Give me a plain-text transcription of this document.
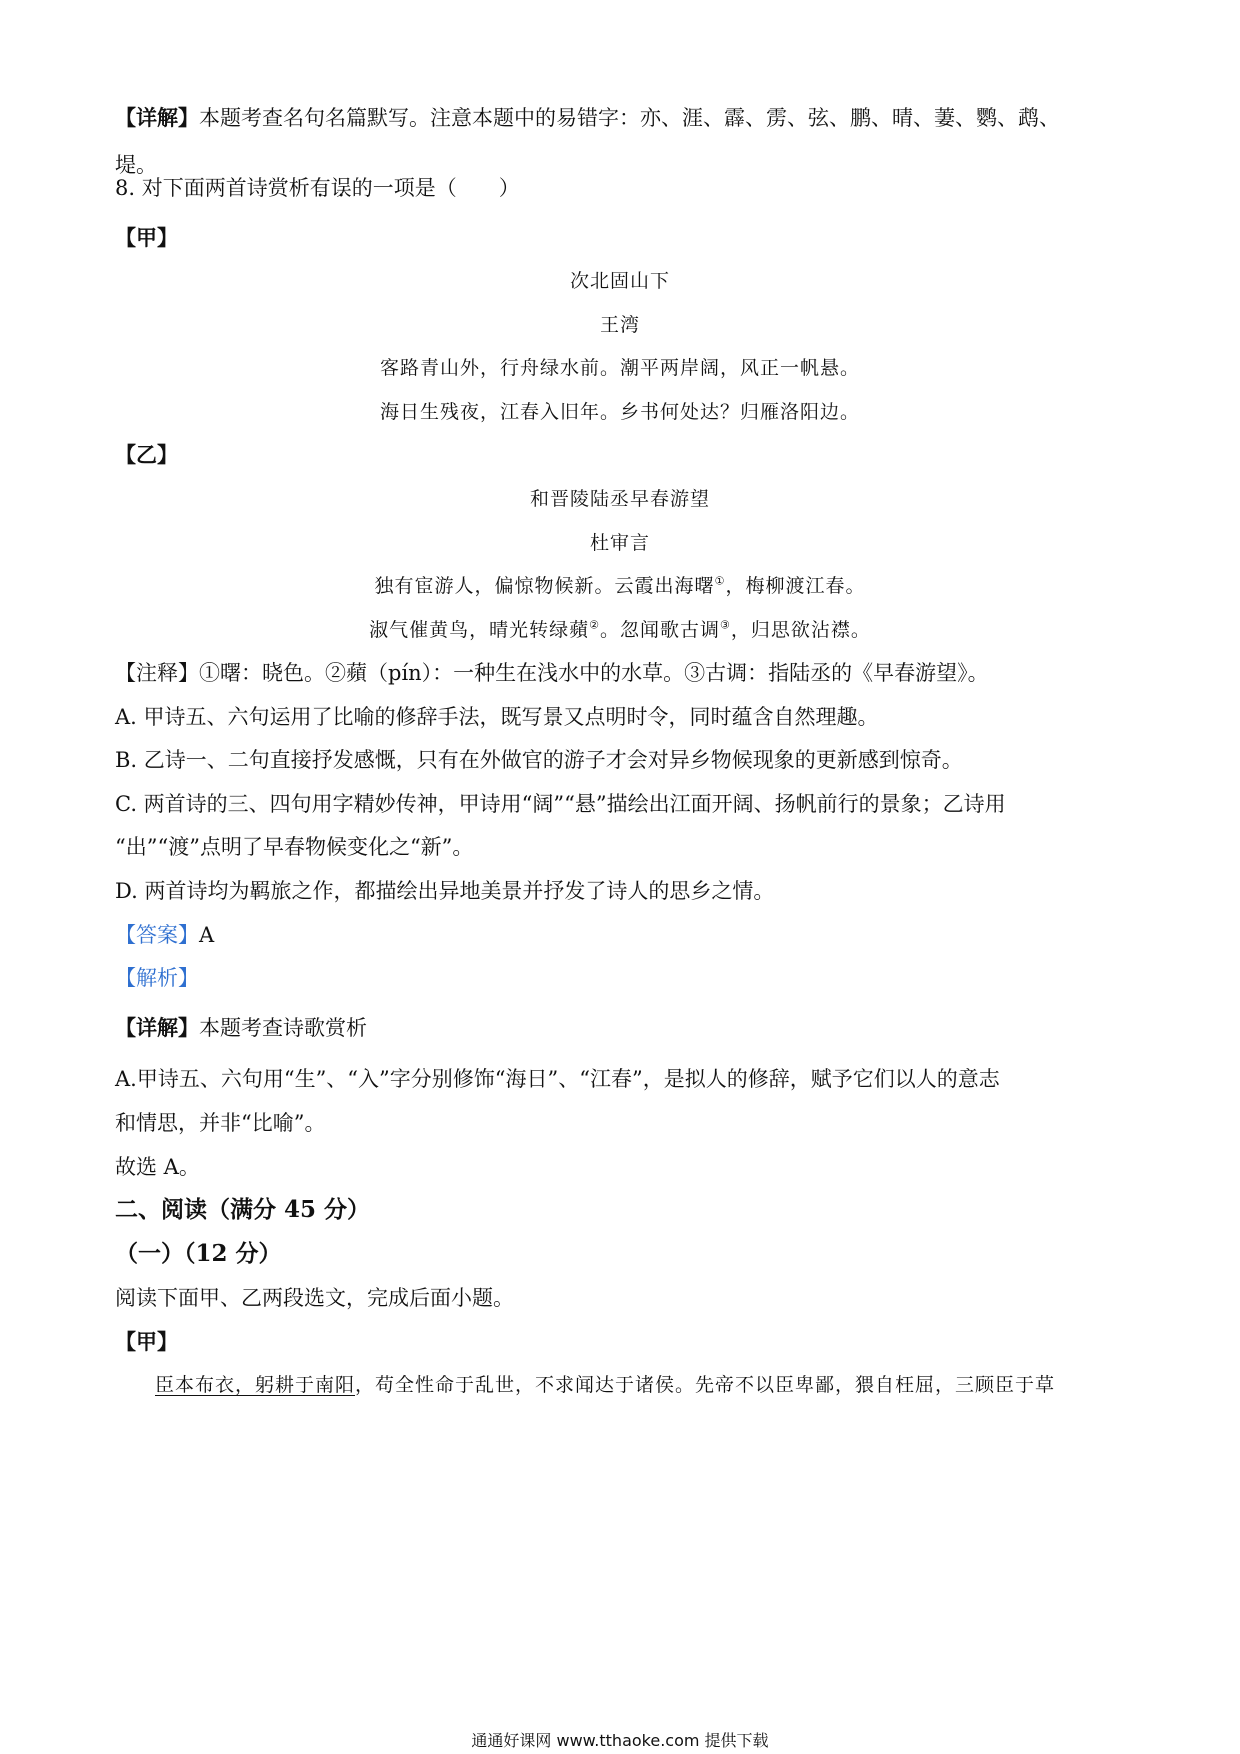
【详解】本题考查名句名篇默写。注意本题中的易错字：亦、涯、霹、雳、弦、鹏、晴、萋、鹦、鹉、
堤。
8. 对下面两首诗赏析有误的一项是（　　）
【甲】
次北固山下
王湾
客路青山外，行舟绿水前。潮平两岸阔，风正一帆悬。
海日生残夜，江春入旧年。乡书何处达？归雁洛阳边。
【乙】
和晋陵陆丞早春游望
杜审言
独有宦游人，偏惊物候新。云霞出海曙①，梅柳渡江春。
淑气催黄鸟，晴光转绿蘋②。忽闻歌古调③，归思欲沾襟。
【注释】①曙：晓色。②蘋（pín）：一种生在浅水中的水草。③古调：指陆丞的《早春游望》。
A. 甲诗五、六句运用了比喻的修辞手法，既写景又点明时令，同时蕴含自然理趣。
B. 乙诗一、二句直接抒发感慨，只有在外做官的游子才会对异乡物候现象的更新感到惊奇。
C. 两首诗的三、四句用字精妙传神，甲诗用“阔”“悬”描绘出江面开阔、扬帆前行的景象；乙诗用
“出”“渡”点明了早春物候变化之“新”。
D. 两首诗均为羁旅之作，都描绘出异地美景并抒发了诗人的思乡之情。
【答案】A
【解析】
【详解】本题考查诗歌赏析
A.甲诗五、六句用“生”、“入”字分别修饰“海日”、“江春”，是拟人的修辞，赋予它们以人的意志
和情思，并非“比喻”。
故选 A。
二、阅读（满分 45 分）
（一）（12 分）
阅读下面甲、乙两段选文，完成后面小题。
【甲】
臣本布衣，躬耕于南阳，苟全性命于乱世，不求闻达于诸侯。先帝不以臣卑鄙，猥自枉屈，三顾臣于草
通通好课网 www.tthaoke.com 提供下载
